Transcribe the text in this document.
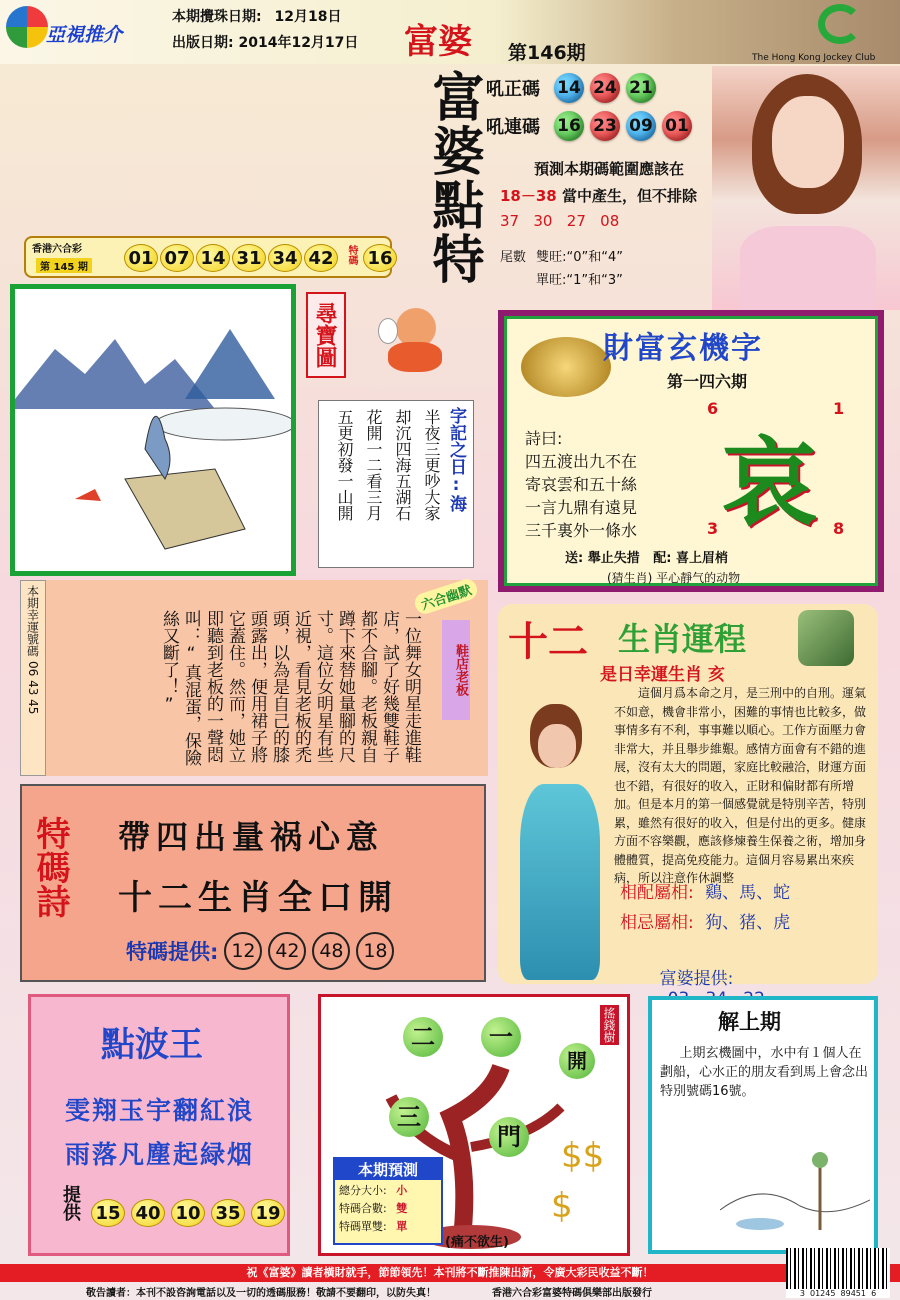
亞視推介
本期攪珠日期: 12月18日
出版日期: 2014年12月17日 富婆 第146期	The Hong Kong Jockey Club
富婆點特 吼正碼 14 24 21
吼連碼 16 23 09 01
預測本期碼範圍應該在
18－38 當中產生，但不排除
37   30   27   08
尾數 雙旺:“0”和“4”
單旺:“1”和“3”
香港六合彩
第 145 期 01 07 14 31 34 42	特碼 16
尋寶圖
字記之日:海
半夜三更吵大家
却沉四海五湖石
花開一二看三月
五更初發一山開
財富玄機字
第一四六期
6	1
3	8
哀
詩曰:
四五渡出九不在
寄哀雲和五十絲
一言九鼎有遠見
三千裏外一條水
送: 舉止失措   配: 喜上眉梢
(猜生肖) 平心靜气的动物
本期幸運號碼
06 43 45	一位舞女明星走進鞋店，試了好幾雙鞋子都不合腳。老板親自蹲下來替她量腳的尺寸。這位女明星有些近視，看見老板的禿頭，以為是自己的膝頭露出，便用裙子將它蓋住。然而，她立即聽到老板的一聲悶叫：“真混蛋，保險絲又斷了！”
六合幽默
鞋店老板
十二 生肖運程
是日幸運生肖 亥
這個月爲本命之月，是三刑中的自刑。運氣不如意，機會非常小，困難的事情也比較多，做事情多有不利，事事難以順心。工作方面壓力會非常大，并且舉步維艱。感情方面會有不錯的進展，沒有太大的問題，家庭比較融洽，財運方面也不錯，有很好的收入，正財和偏財都有所增加。但是本月的第一個感覺就是特別辛苦，特別累，雖然有很好的收入，但是付出的更多。健康方面不容樂觀，應該修煉養生保養之術，增加身體體質，提高免疫能力。這個月容易累出來疾病，所以注意作休調整
相配屬相: 鷄、馬、蛇
相忌屬相: 狗、猪、虎

富婆提供:

特碼詩 帶四出量祸心意
十二生肖全口開
特碼提供: 12	42	48	18
點波王
雯翔玉宇翻紅浪
雨落凡塵起緑烟
提供 15 40 10 35 19
搖錢樹
$$
$
二	一
開
三
門
(痛不欲生)
本期預測
總分大小: 小
特碼合數: 雙
特碼單雙: 單
解上期
上期玄機圖中，水中有１個人在劃船，心水正的朋友看到馬上會念出特別號碼16號。
祝《富婆》讀者橫財就手，節節領先！本刊將不斷推陳出新，令廣大彩民收益不斷！
敬告讀者：本刊不設咨詢電話以及一切的透碼服務！敬請不要翻印，以防失真！	香港六合彩富婆特碼俱樂部出版發行	3  01245  89451  6
